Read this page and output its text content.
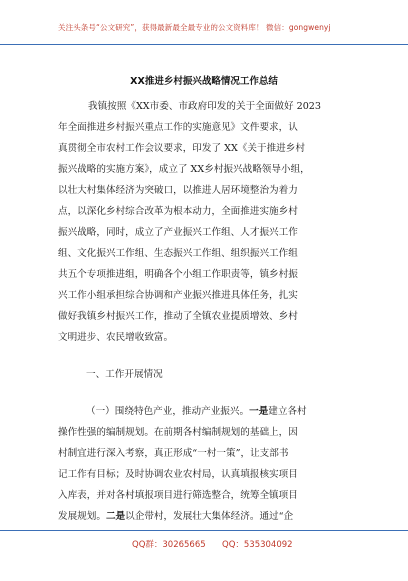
关注头条号“公文研究”，获得最新最全最专业的公文资料库！ 微信：gongwenyj
XX推进乡村振兴战略情况工作总结
我镇按照《XX市委、市政府印发的关于全面做好 2023
年全面推进乡村振兴重点工作的实施意见》文件要求，认
真贯彻全市农村工作会议要求，印发了 XX《关于推进乡村
振兴战略的实施方案》，成立了 XX乡村振兴战略领导小组，
以壮大村集体经济为突破口，以推进人居环境整治为着力
点，以深化乡村综合改革为根本动力，全面推进实施乡村
振兴战略，同时，成立了产业振兴工作组、人才振兴工作
组、文化振兴工作组、生态振兴工作组、组织振兴工作组
共五个专项推进组，明确各个小组工作职责等，镇乡村振
兴工作小组承担综合协调和产业振兴推进具体任务，扎实
做好我镇乡村振兴工作，推动了全镇农业提质增效、乡村
文明进步、农民增收致富。
一、工作开展情况
（一）围绕特色产业，推动产业振兴。一是建立各村
操作性强的编制规划。在前期各村编制规划的基础上，因
村制宜进行深入考察，真正形成“一村一策”，让支部书
记工作有目标；及时协调农业农村局，认真填报核实项目
入库表，并对各村填报项目进行筛选整合，统筹全镇项目
发展规划。二是以企带村，发展壮大集体经济。通过“企
QQ群：30265665 QQ：535304092
